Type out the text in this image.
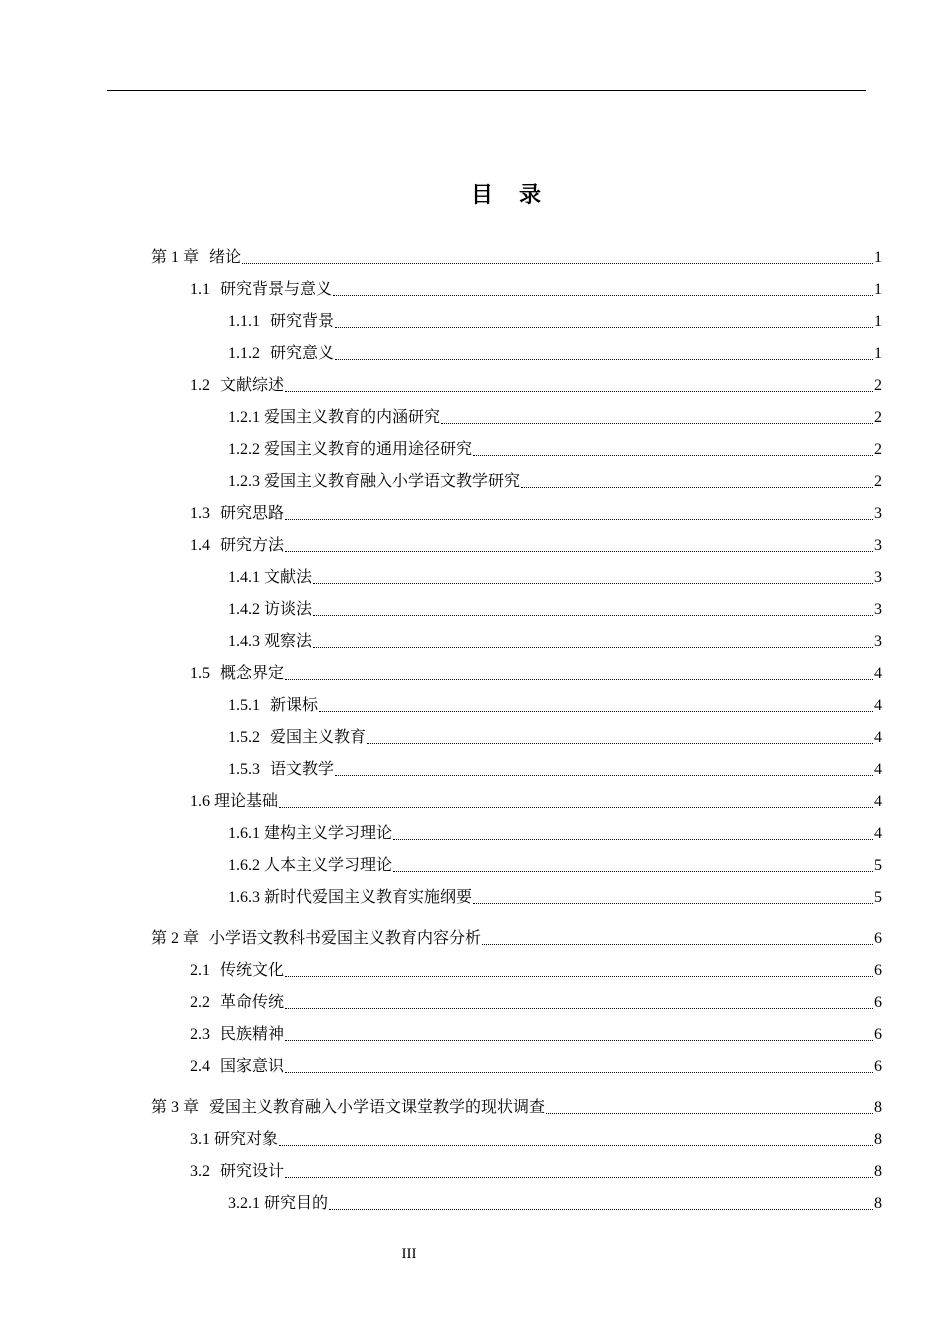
目 录
第 1 章 绪论	1
1.1 研究背景与意义	1
1.1.1 研究背景	1
1.1.2 研究意义	1
1.2 文献综述	2
1.2.1 爱国主义教育的内涵研究	2
1.2.2 爱国主义教育的通用途径研究	2
1.2.3 爱国主义教育融入小学语文教学研究	2
1.3 研究思路	3
1.4 研究方法	3
1.4.1 文献法	3
1.4.2 访谈法	3
1.4.3 观察法	3
1.5 概念界定	4
1.5.1 新课标	4
1.5.2 爱国主义教育	4
1.5.3 语文教学	4
1.6 理论基础	4
1.6.1 建构主义学习理论	4
1.6.2 人本主义学习理论	5
1.6.3 新时代爱国主义教育实施纲要	5
第 2 章 小学语文教科书爱国主义教育内容分析	6
2.1 传统文化	6
2.2 革命传统	6
2.3 民族精神	6
2.4 国家意识	6
第 3 章 爱国主义教育融入小学语文课堂教学的现状调查	8
3.1 研究对象	8
3.2 研究设计	8
3.2.1 研究目的	8
III
